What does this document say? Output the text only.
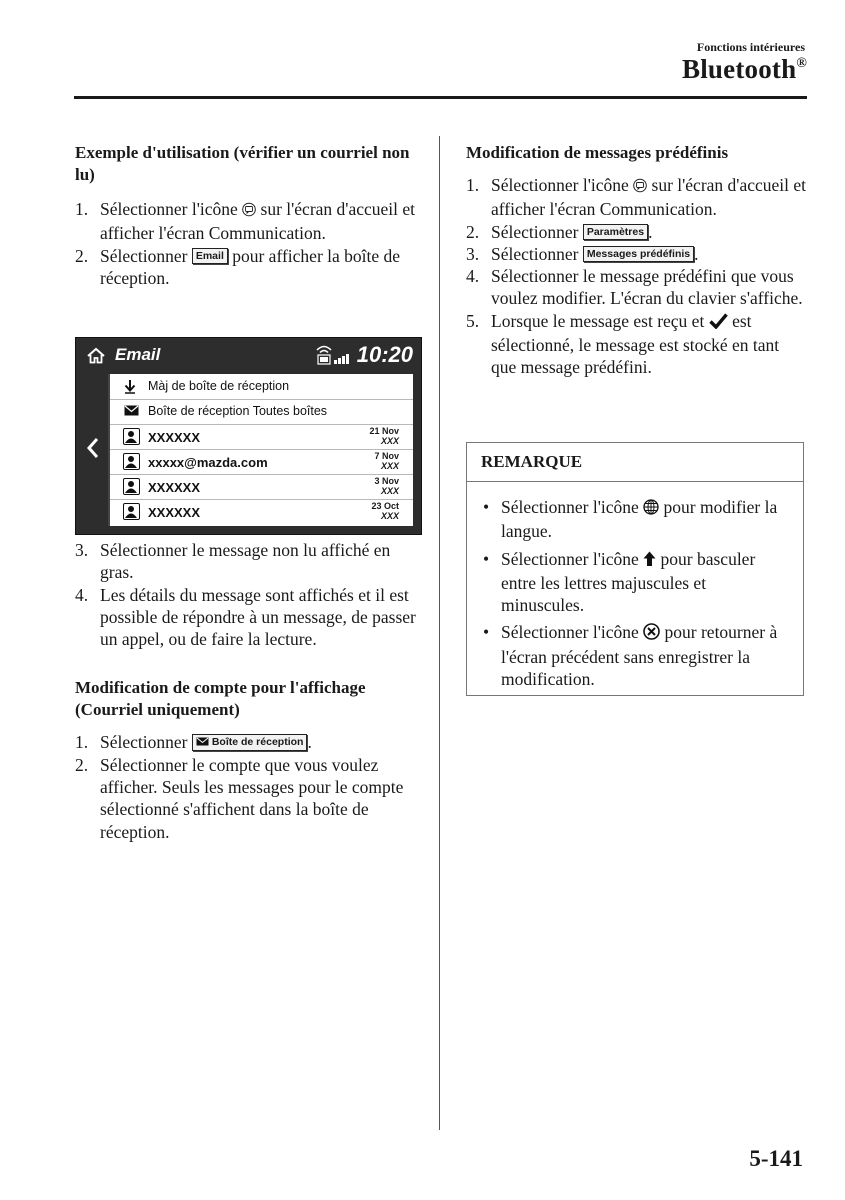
Fonctions intérieures
Bluetooth®

Exemple d'utilisation (vérifier un courriel non lu)

1. Sélectionner l'icône  sur l'écran d'accueil et afficher l'écran Communication.
2. Sélectionner Email pour afficher la boîte de réception.
Email	10:20
Màj de boîte de réception
Boîte de réception Toutes boîtes
XXXXXX	21 Nov
XXX
xxxxx@mazda.com	7 Nov
XXX
XXXXXX	3 Nov
XXX
XXXXXX	23 Oct
XXX
3. Sélectionner le message non lu affiché en gras.
4. Les détails du message sont affichés et il est possible de répondre à un message, de passer un appel, ou de faire la lecture.

Modification de compte pour l'affichage (Courriel uniquement)

1. Sélectionner Boîte de réception .
2. Sélectionner le compte que vous voulez afficher. Seuls les messages pour le compte sélectionné s'affichent dans la boîte de réception.

Modification de messages prédéfinis

1. Sélectionner l'icône  sur l'écran d'accueil et afficher l'écran Communication.
2. Sélectionner Paramètres .
3. Sélectionner Messages prédéfinis .
4. Sélectionner le message prédéfini que vous voulez modifier. L'écran du clavier s'affiche.
5. Lorsque le message est reçu et  est sélectionné, le message est stocké en tant que message prédéfini.
REMARQUE
• Sélectionner l'icône  pour modifier la langue.
• Sélectionner l'icône  pour basculer entre les lettres majuscules et minuscules.
• Sélectionner l'icône  pour retourner à l'écran précédent sans enregistrer la modification.
5-141
